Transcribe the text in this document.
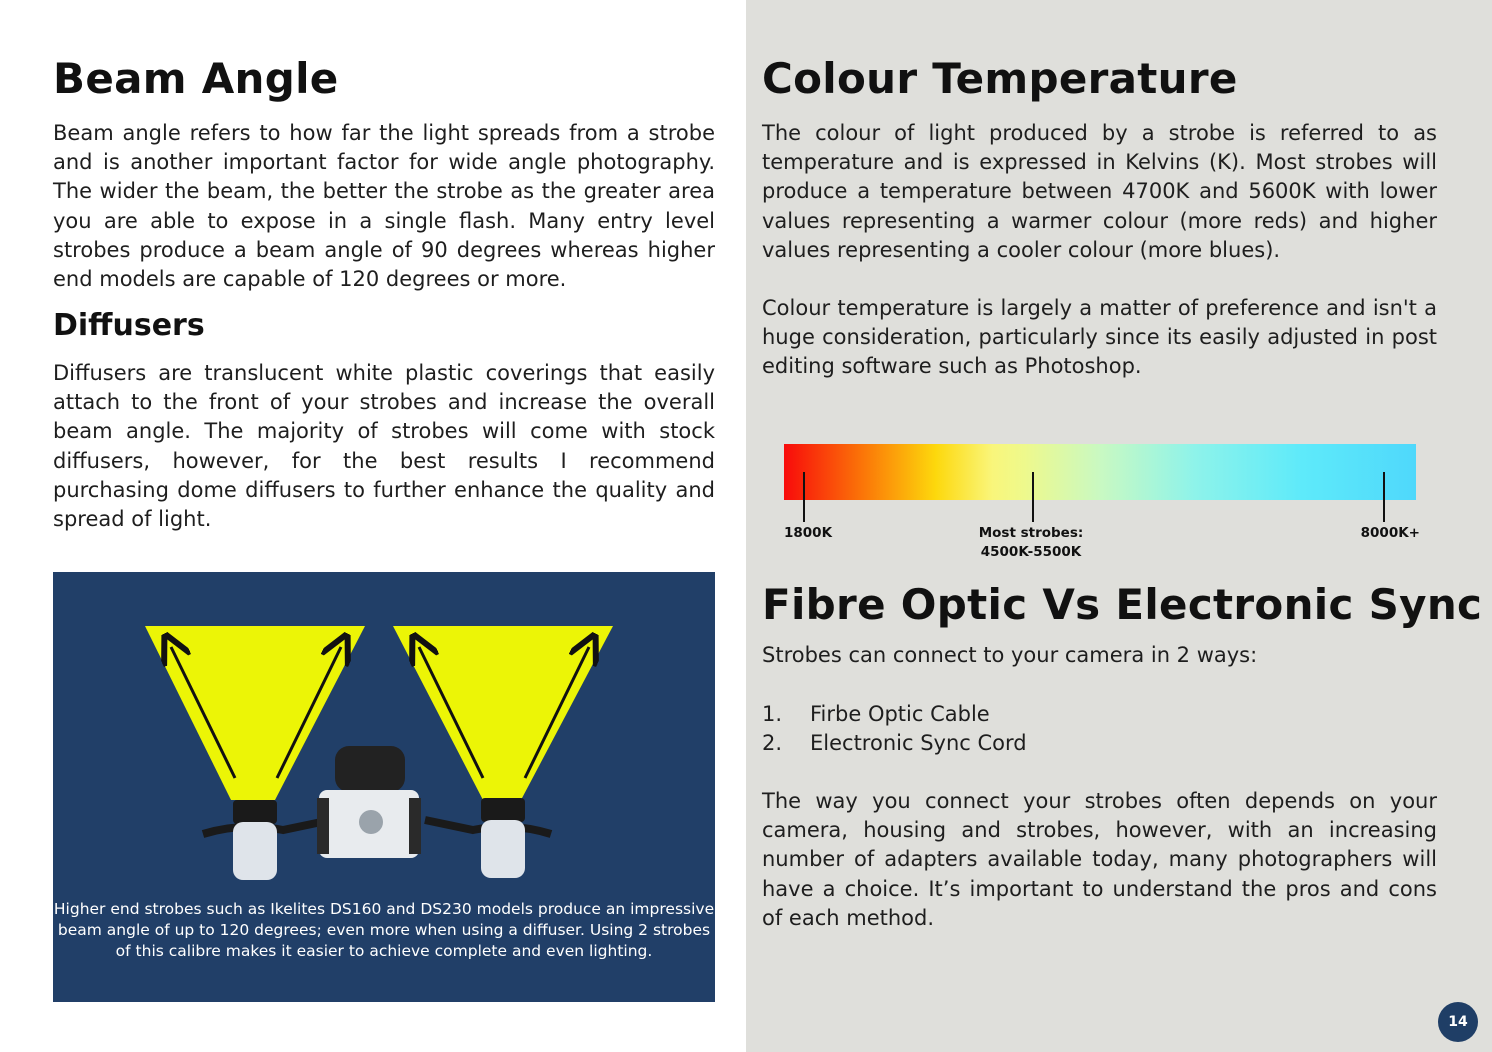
Beam Angle

Beam angle refers to how far the light spreads from a strobe and is another important factor for wide angle photography. The wider the beam, the better the strobe as the greater area you are able to expose in a single flash. Many entry level strobes produce a beam angle of 90 degrees whereas higher end models are capable of 120 degrees or more.

Diffusers

Diffusers are translucent white plastic coverings that easily attach to the front of your strobes and increase the overall beam angle. The majority of strobes will come with stock diffusers, however, for the best results I recommend purchasing dome diffusers to further enhance the quality and spread of light.

Higher end strobes such as Ikelites DS160 and DS230 models produce an impressive beam angle of up to 120 degrees; even more when using a diffuser. Using 2 strobes of this calibre makes it easier to achieve complete and even lighting.
Colour Temperature

The colour of light produced by a strobe is referred to as temperature and is expressed in Kelvins (K). Most strobes will produce a temperature between 4700K and 5600K with lower values representing a warmer colour (more reds) and higher values representing a cooler colour (more blues).

Colour temperature is largely a matter of preference and isn't a huge consideration, particularly since its easily adjusted in post editing software such as Photoshop.

1800K	Most strobes:
4500K-5500K
8000K+
Fibre Optic Vs Electronic Sync

Strobes can connect to your camera in 2 ways:

1. Firbe Optic Cable
2. Electronic Sync Cord

The way you connect your strobes often depends on your camera, housing and strobes, however, with an increasing number of adapters available today, many photographers will have a choice. It’s important to understand the pros and cons of each method.

14
